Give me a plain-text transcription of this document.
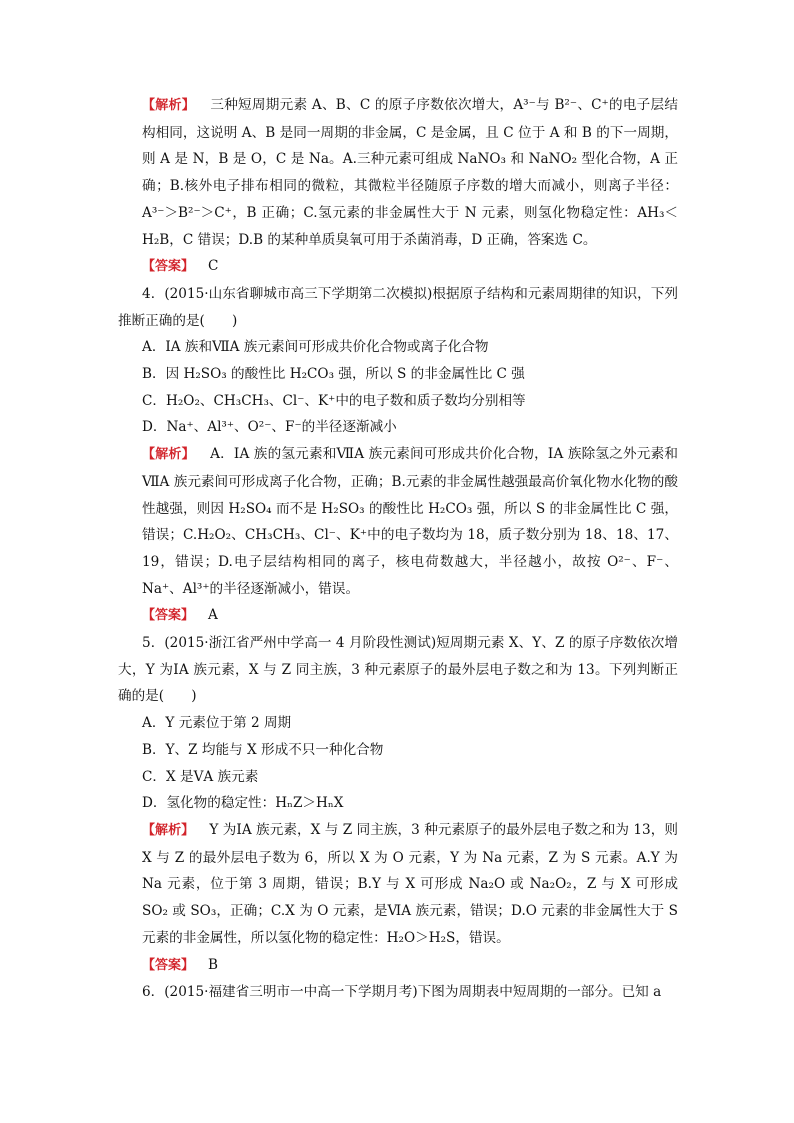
【解析】　三种短周期元素 A、B、C 的原子序数依次增大，A³⁻与 B²⁻、C⁺的电子层结构相同，这说明 A、B 是同一周期的非金属，C 是金属，且 C 位于 A 和 B 的下一周期，则 A 是 N，B 是 O，C 是 Na。A.三种元素可组成 NaNO₃ 和 NaNO₂ 型化合物，A 正确；B.核外电子排布相同的微粒，其微粒半径随原子序数的增大而减小，则离子半径：A³⁻＞B²⁻＞C⁺，B 正确；C.氢元素的非金属性大于 N 元素，则氢化物稳定性：AH₃＜H₂B，C 错误；D.B 的某种单质臭氧可用于杀菌消毒，D 正确，答案选 C。

【答案】 C

4．(2015·山东省聊城市高三下学期第二次模拟)根据原子结构和元素周期律的知识，下列推断正确的是(　　)

A．ⅠA 族和ⅦA 族元素间可形成共价化合物或离子化合物

B．因 H₂SO₃ 的酸性比 H₂CO₃ 强，所以 S 的非金属性比 C 强

C．H₂O₂、CH₃CH₃、Cl⁻、K⁺中的电子数和质子数均分别相等

D．Na⁺、Al³⁺、O²⁻、F⁻的半径逐渐减小

【解析】　A．ⅠA 族的氢元素和ⅦA 族元素间可形成共价化合物，ⅠA 族除氢之外元素和ⅦA 族元素间可形成离子化合物，正确；B.元素的非金属性越强最高价氧化物水化物的酸性越强，则因 H₂SO₄ 而不是 H₂SO₃ 的酸性比 H₂CO₃ 强，所以 S 的非金属性比 C 强，错误；C.H₂O₂、CH₃CH₃、Cl⁻、K⁺中的电子数均为 18，质子数分别为 18、18、17、19，错误；D.电子层结构相同的离子，核电荷数越大，半径越小，故按 O²⁻、F⁻、Na⁺、Al³⁺的半径逐渐减小，错误。

【答案】 A

5．(2015·浙江省严州中学高一 4 月阶段性测试)短周期元素 X、Y、Z 的原子序数依次增大，Y 为ⅠA 族元素，X 与 Z 同主族，3 种元素原子的最外层电子数之和为 13。下列判断正确的是(　　)

A．Y 元素位于第 2 周期

B．Y、Z 均能与 X 形成不只一种化合物

C．X 是ⅤA 族元素

D．氢化物的稳定性：HₙZ＞HₙX

【解析】　Y 为ⅠA 族元素，X 与 Z 同主族，3 种元素原子的最外层电子数之和为 13，则 X 与 Z 的最外层电子数为 6，所以 X 为 O 元素，Y 为 Na 元素，Z 为 S 元素。A.Y 为 Na 元素，位于第 3 周期，错误；B.Y 与 X 可形成 Na₂O 或 Na₂O₂，Z 与 X 可形成 SO₂ 或 SO₃，正确；C.X 为 O 元素，是ⅥA 族元素，错误；D.O 元素的非金属性大于 S 元素的非金属性，所以氢化物的稳定性：H₂O＞H₂S，错误。

【答案】 B

6．(2015·福建省三明市一中高一下学期月考)下图为周期表中短周期的一部分。已知 a
